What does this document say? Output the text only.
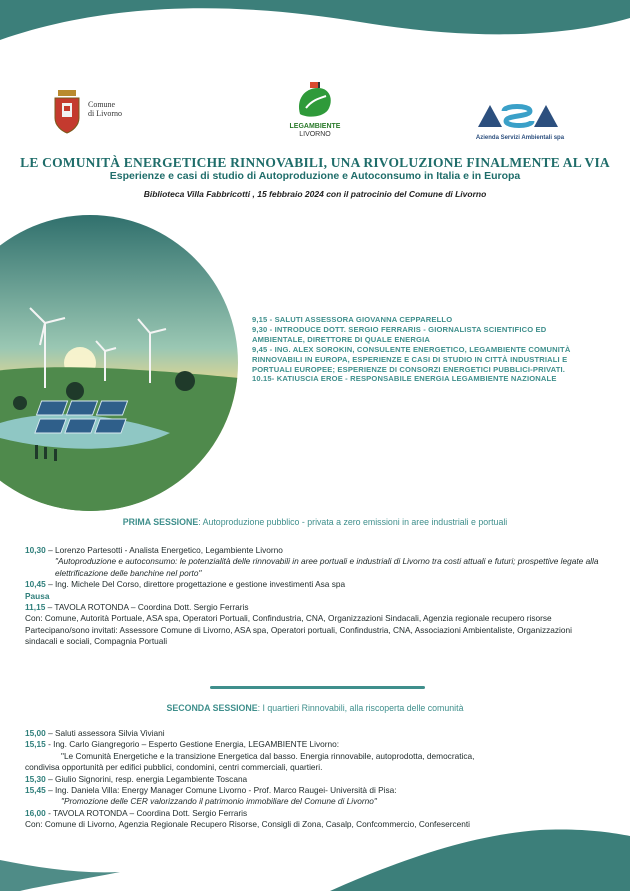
Comune
di Livorno
LEGAMBIENTE
LIVORNO	Azienda Servizi Ambientali spa
LE COMUNITÀ ENERGETICHE RINNOVABILI, UNA RIVOLUZIONE FINALMENTE AL VIA
Esperienze e casi di studio di Autoproduzione e Autoconsumo in Italia e in Europa
Biblioteca Villa Fabbricotti , 15 febbraio 2024 con il patrocinio del Comune di Livorno
9,15 - SALUTI ASSESSORA GIOVANNA CEPPARELLO
9,30 - INTRODUCE DOTT. SERGIO FERRARIS - GIORNALISTA SCIENTIFICO ED AMBIENTALE, DIRETTORE DI QUALE ENERGIA
9,45 - ING. ALEX SOROKIN, CONSULENTE ENERGETICO, LEGAMBIENTE COMUNITÀ RINNOVABILI IN EUROPA, ESPERIENZE E CASI DI STUDIO IN CITTÀ INDUSTRIALI E PORTUALI EUROPEE; ESPERIENZE DI CONSORZI ENERGETICI PUBBLICI-PRIVATI.
10.15- KATIUSCIA EROE - RESPONSABILE ENERGIA LEGAMBIENTE NAZIONALE
PRIMA SESSIONE: Autoproduzione pubblico - privata a zero emissioni in aree industriali e portuali
10,30 – Lorenzo Partesotti - Analista Energetico, Legambiente Livorno
"Autoproduzione e autoconsumo: le potenzialità delle rinnovabili in aree portuali e industriali di Livorno tra costi attuali e futuri; prospettive legate alla elettrificazione delle banchine nel porto"
10,45 – Ing. Michele Del Corso, direttore progettazione e gestione investimenti Asa spa
Pausa
11,15 – TAVOLA ROTONDA – Coordina Dott. Sergio Ferraris
Con: Comune, Autorità Portuale, ASA spa, Operatori Portuali, Confindustria, CNA, Organizzazioni Sindacali, Agenzia regionale recupero risorse
Partecipano/sono invitati: Assessore Comune di Livorno, ASA spa, Operatori portuali, Confindustria, CNA, Associazioni Ambientaliste, Organizzazioni sindacali e sociali, Compagnia Portuali
SECONDA SESSIONE: I quartieri Rinnovabili, alla riscoperta delle comunità
15,00 – Saluti assessora Silvia Viviani
15,15 - Ing. Carlo Giangregorio – Esperto Gestione Energia, LEGAMBIENTE Livorno:
"Le Comunità Energetiche e la transizione Energetica dal basso. Energia rinnovabile, autoprodotta, democratica,
condivisa opportunità per edifici pubblici, condomini, centri commerciali, quartieri.
15,30 – Giulio Signorini, resp. energia Legambiente Toscana
15,45 – Ing. Daniela Villa: Energy Manager Comune Livorno - Prof. Marco Raugei- Università di Pisa:
"Promozione delle CER valorizzando il patrimonio immobiliare del Comune di Livorno"
16,00 - TAVOLA ROTONDA – Coordina Dott. Sergio Ferraris
Con: Comune di Livorno, Agenzia Regionale Recupero Risorse, Consigli di Zona, Casalp, Confcommercio, Confesercenti
